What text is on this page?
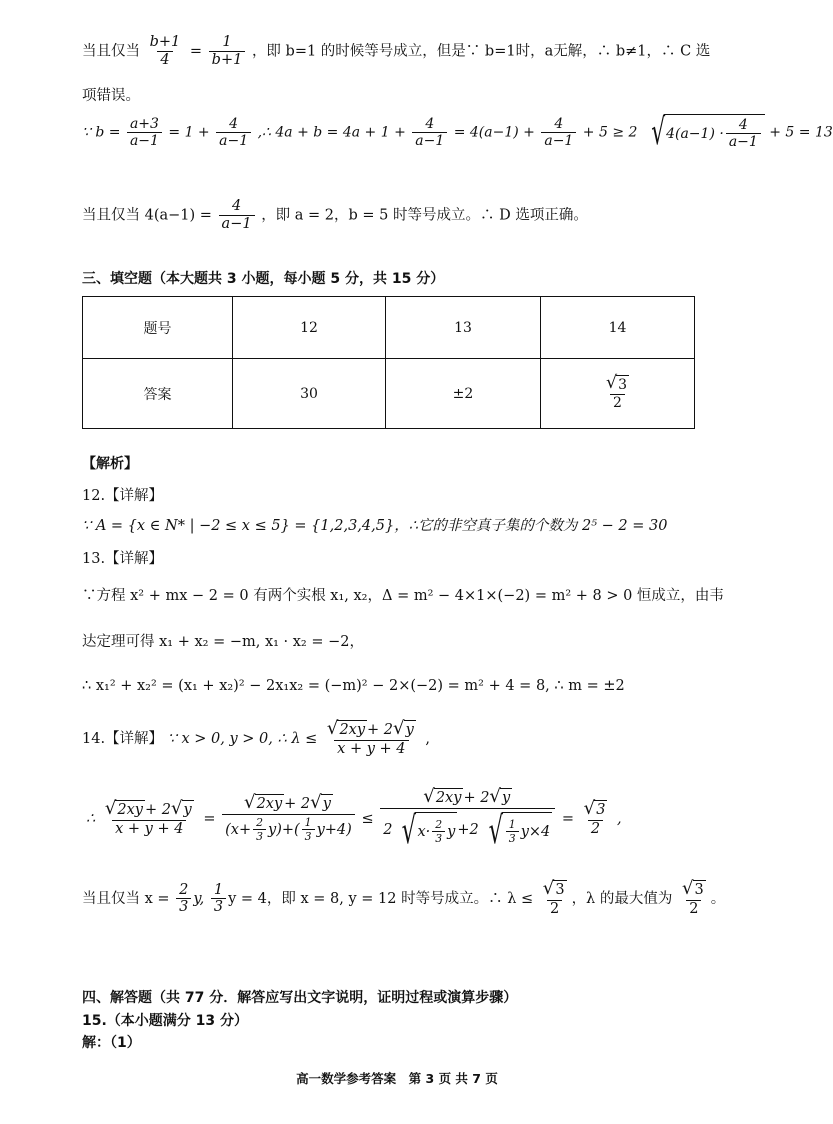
当且仅当 $\frac{b+1}{4} = \frac{1}{b+1}$ ，即 b=1 的时候等号成立，但是∵ b=1时，a无解，∴ b≠1，∴ C 选
项错误。
∵ $b = \frac{a+3}{a-1} = 1 + \frac{4}{a-1}$ ,∴ $4a + b = 4a + 1 + \frac{4}{a-1} = 4(a-1) + \frac{4}{a-1} + 5 \ge 2$ √ $4(a-1) \cdot \frac{4}{a-1} + 5 = 13$
当且仅当 $4(a-1) = \frac{4}{a-1}$ ，即 a = 2，b = 5 时等号成立。∴ D 选项正确。
三、填空题（本大题共 3 小题，每小题 5 分，共 15 分）
题号	12	13	14
答案	30	±2	$\frac{√ 3}{2}$
【解析】
12.【详解】
∵ A = {x ∈ N* | −2 ≤ x ≤ 5} = {1,2,3,4,5}，∴它的非空真子集的个数为 2⁵ − 2 = 30
13.【详解】
∵方程 x² + mx − 2 = 0 有两个实根 x₁, x₂，Δ = m² − 4×1×(−2) = m² + 8 > 0 恒成立，由韦
达定理可得 x₁ + x₂ = −m, x₁ · x₂ = −2，
∴ x₁² + x₂² = (x₁ + x₂)² − 2x₁x₂ = (−m)² − 2×(−2) = m² + 4 = 8, ∴ m = ±2
14.【详解】 ∵ x > 0, y > 0, ∴ $\lambda \le \frac{√ 2xy + 2 √ y}{x + y + 4}$ ,
∴ $\frac{√ 2xy + 2 √ y}{x + y + 4} = \frac{√ 2xy + 2 √ y}{(x+ \frac{2}{3} y)+( \frac{1}{3} y+4)} \le \frac{√ 2xy + 2 √ y}{2 √ x\cdot \frac{2}{3} y +2 √ \frac{1}{3} y\times 4} = \frac{√ 3}{2}$ ,
当且仅当 $x = \frac{2}{3} y$, $\frac{1}{3}$ y = 4，即 x = 8, y = 12 时等号成立。∴ $\lambda \le \frac{√ 3}{2}$ ，λ 的最大值为 $\frac{√ 3}{2}$ 。
四、解答题（共 77 分．解答应写出文字说明，证明过程或演算步骤）
15.（本小题满分 13 分）
解：（1）
高一数学参考答案　第 3 页 共 7 页
